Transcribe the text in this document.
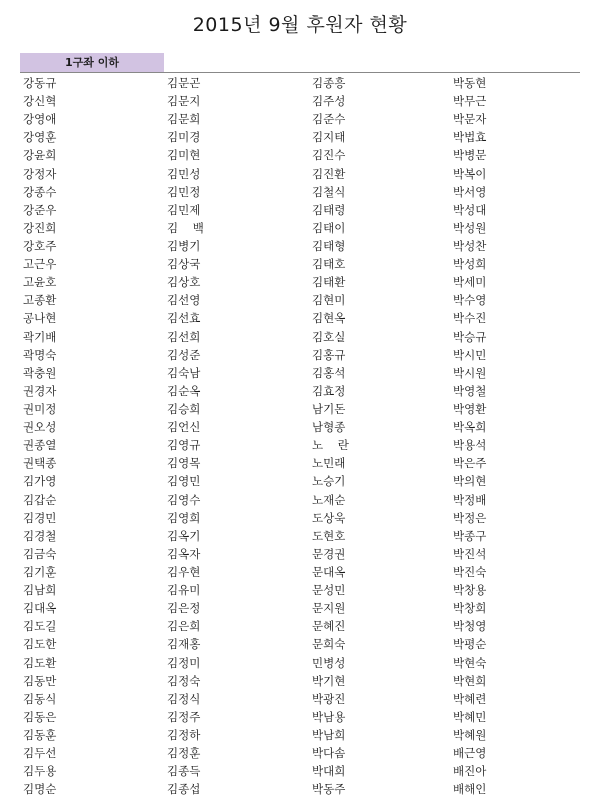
2015년 9월 후원자 현황
1구좌 이하
강동규	김문곤	김종흥	박동현
강신혁	김문지	김주성	박무근
강영애	김문희	김준수	박문자
강영훈	김미경	김지태	박법효
강윤희	김미현	김진수	박병문
강정자	김민성	김진환	박복이
강종수	김민정	김철식	박서영
강준우	김민제	김태령	박성대
강진희	김    백	김태이	박성원
강호주	김병기	김태형	박성찬
고근우	김상국	김태호	박성희
고윤호	김상호	김태환	박세미
고종환	김선영	김현미	박수영
공나현	김선효	김현옥	박수진
곽기배	김선희	김호실	박승규
곽명숙	김성준	김홍규	박시민
곽충원	김숙남	김홍석	박시원
권경자	김순옥	김효정	박영철
권미정	김승희	남기돈	박영환
권오성	김언신	남형종	박옥희
권종열	김영규	노    란	박용석
권택종	김영목	노민래	박은주
김가영	김영민	노승기	박의현
김갑순	김영수	노재순	박정배
김경민	김영희	도상욱	박정은
김경철	김옥기	도현호	박종구
김금숙	김옥자	문경권	박진석
김기훈	김우현	문대옥	박진숙
김남희	김유미	문성민	박창용
김대옥	김은정	문지원	박창희
김도길	김은희	문혜진	박청영
김도한	김재홍	문희숙	박평순
김도환	김정미	민병성	박현숙
김동만	김정숙	박기현	박현희
김동식	김정식	박광진	박혜련
김동은	김정주	박남용	박혜민
김동훈	김정하	박남희	박혜원
김두선	김정훈	박다솜	배근영
김두용	김종득	박대희	배진아
김명순	김종섭	박동주	배해인
